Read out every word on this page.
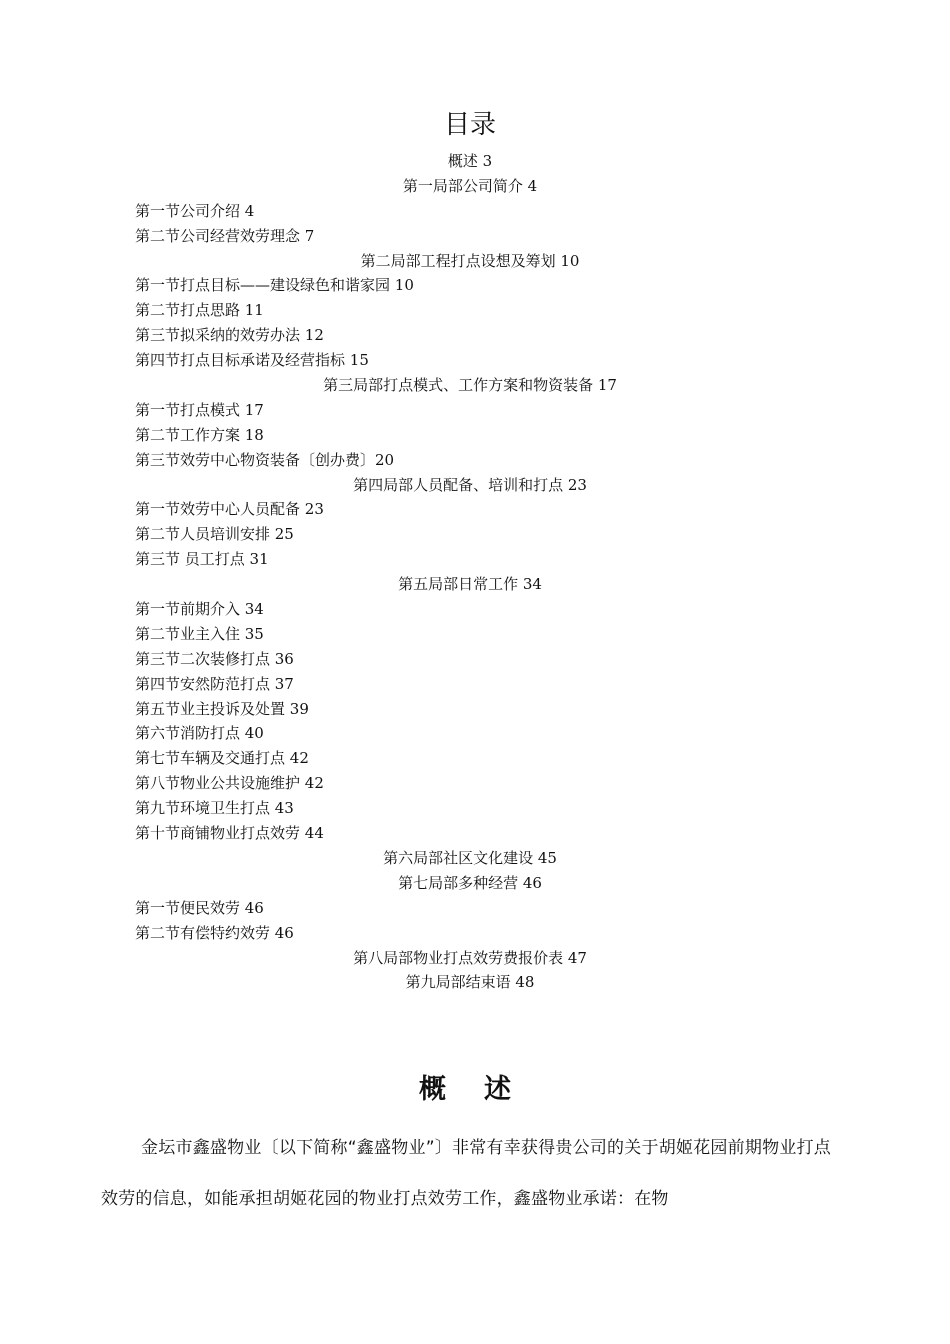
目录
概述 3
第一局部公司简介 4
第一节公司介绍 4
第二节公司经营效劳理念 7
第二局部工程打点设想及筹划 10
第一节打点目标——建设绿色和谐家园 10
第二节打点思路 11
第三节拟采纳的效劳办法 12
第四节打点目标承诺及经营指标 15
第三局部打点模式、工作方案和物资装备 17
第一节打点模式 17
第二节工作方案 18
第三节效劳中心物资装备〔创办费〕20
第四局部人员配备、培训和打点 23
第一节效劳中心人员配备 23
第二节人员培训安排 25
第三节 员工打点 31
第五局部日常工作 34
第一节前期介入 34
第二节业主入住 35
第三节二次装修打点 36
第四节安然防范打点 37
第五节业主投诉及处置 39
第六节消防打点 40
第七节车辆及交通打点 42
第八节物业公共设施维护 42
第九节环境卫生打点 43
第十节商铺物业打点效劳 44
第六局部社区文化建设 45
第七局部多种经营 46
第一节便民效劳 46
第二节有偿特约效劳 46
第八局部物业打点效劳费报价表 47
第九局部结束语 48
概述

金坛市鑫盛物业〔以下简称“鑫盛物业”〕非常有幸获得贵公司的关于胡姬花园前期物业打点效劳的信息，如能承担胡姬花园的物业打点效劳工作，鑫盛物业承诺：在物
